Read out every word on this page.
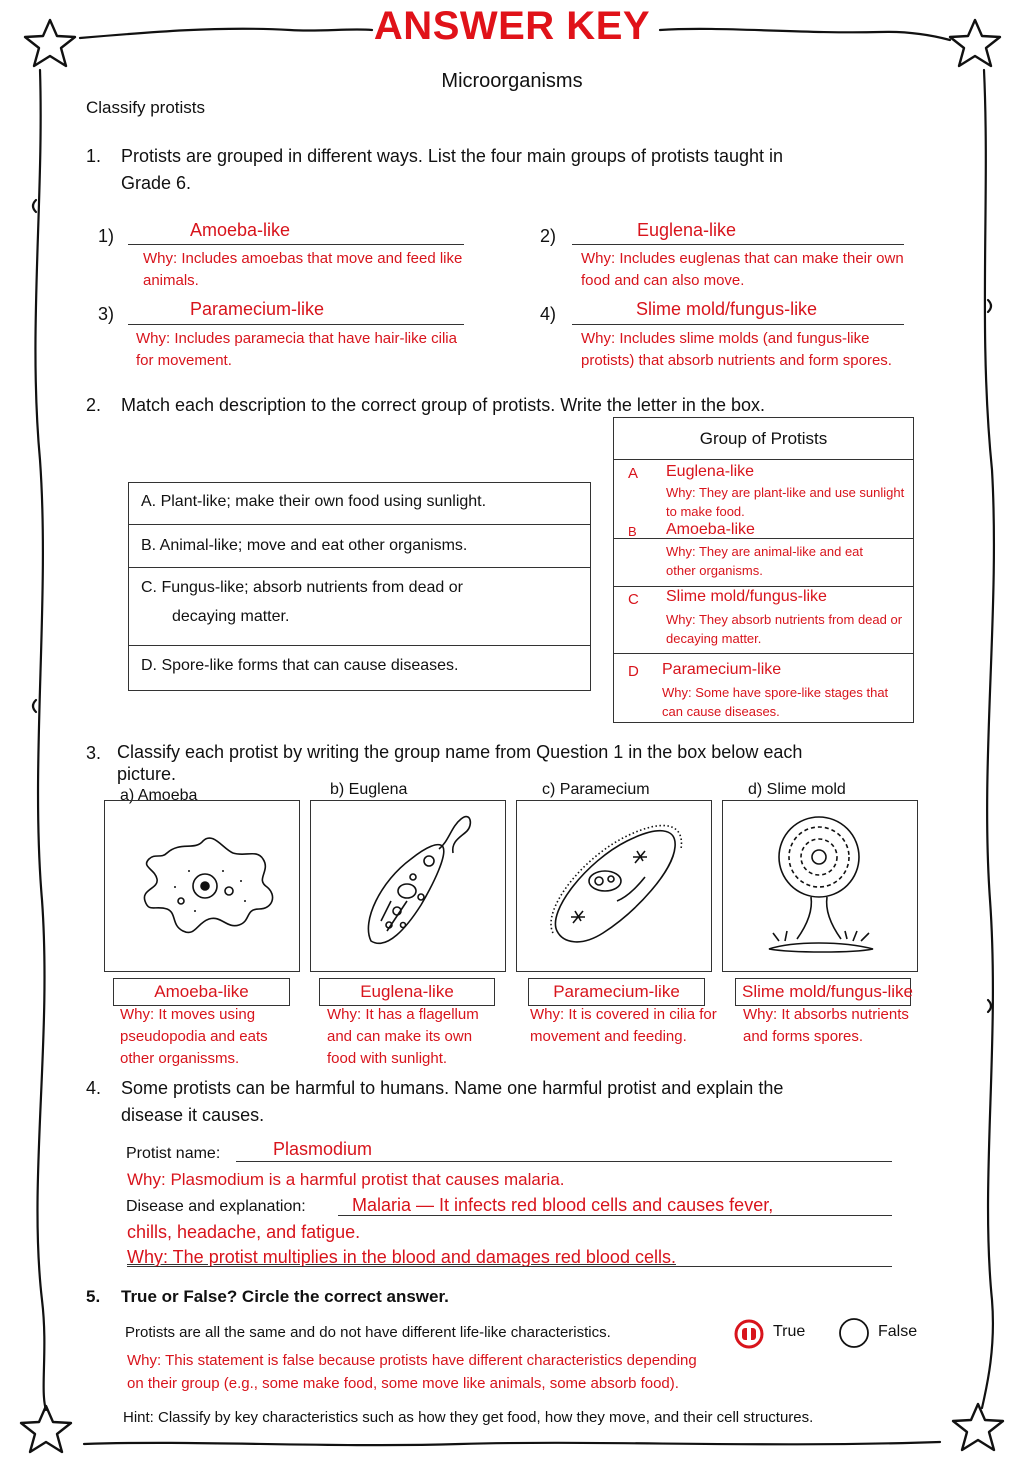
ANSWER KEY
Microorganisms
Classify protists
1. Protists are grouped in different ways. List the four main groups of protists taught in Grade 6.
1)	Amoeba-like
Why: Includes amoebas that move and feed like animals.
2)	Euglena-like
Why: Includes euglenas that can make their own food and can also move.
3)	Paramecium-like
Why: Includes paramecia that have hair-like cilia for movement.
4)	Slime mold/fungus-like
Why: Includes slime molds (and fungus-like protists) that absorb nutrients and form spores.
2. Match each description to the correct group of protists. Write the letter in the box.
A. Plant-like; make their own food using sunlight.
B. Animal-like; move and eat other organisms.
C. Fungus-like; absorb nutrients from dead or
decaying matter.
D. Spore-like forms that can cause diseases.
Group of Protists
A Euglena-like
Why: They are plant-like and use sunlight to make food.
B Amoeba-like
Why: They are animal-like and eat other organisms.
C Slime mold/fungus-like
Why: They absorb nutrients from dead or decaying matter.
D Paramecium-like
Why: Some have spore-like stages that can cause diseases.
3. Classify each protist by writing the group name from Question 1 in the box below each picture.
a) Amoeba	b) Euglena	c) Paramecium	d) Slime mold
Amoeba-like	Euglena-like	Paramecium-like	Slime mold/fungus-like
Why: It moves using pseudopodia and eats other organissms.
Why: It has a flagellum and can make its own food with sunlight.
Why: It is covered in cilia for movement and feeding.
Why: It absorbs nutrients and forms spores.
4. Some protists can be harmful to humans. Name one harmful protist and explain the disease it causes.
Protist name:	Plasmodium
Why: Plasmodium is a harmful protist that causes malaria.
Disease and explanation:	Malaria — It infects red blood cells and causes fever,
chills, headache, and fatigue.
Why: The protist multiplies in the blood and damages red blood cells.
5. True or False? Circle the correct answer.
Protists are all the same and do not have different life-like characteristics.	True	False
Why: This statement is false because protists have different characteristics depending
on their group (e.g., some make food, some move like animals, some absorb food).
Hint: Classify by key characteristics such as how they get food, how they move, and their cell structures.
